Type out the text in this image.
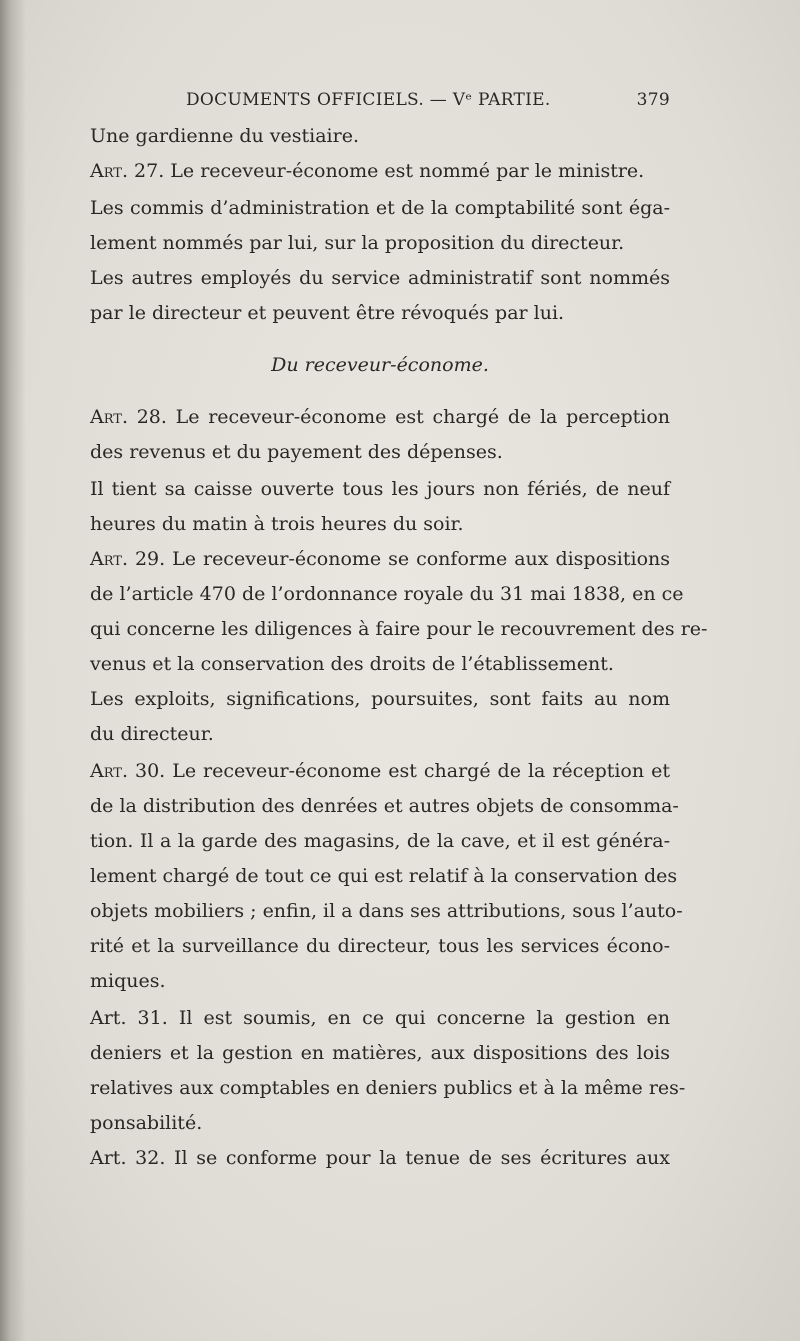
DOCUMENTS OFFICIELS. — Vᵉ PARTIE.	379
Une gardienne du vestiaire.
Art. 27. Le receveur-économe est nommé par le ministre.
Les commis d’administration et de la comptabilité sont éga-
lement nommés par lui, sur la proposition du directeur.
Les autres employés du service administratif sont nommés
par le directeur et peuvent être révoqués par lui.
Du receveur-économe.
Art. 28. Le receveur-économe est chargé de la perception
des revenus et du payement des dépenses.
Il tient sa caisse ouverte tous les jours non fériés, de neuf
heures du matin à trois heures du soir.
Art. 29. Le receveur-économe se conforme aux dispositions
de l’article 470 de l’ordonnance royale du 31 mai 1838, en ce
qui concerne les diligences à faire pour le recouvrement des re-
venus et la conservation des droits de l’établissement.
Les exploits, significations, poursuites, sont faits au nom
du directeur.
Art. 30. Le receveur-économe est chargé de la réception et
de la distribution des denrées et autres objets de consomma-
tion. Il a la garde des magasins, de la cave, et il est généra-
lement chargé de tout ce qui est relatif à la conservation des
objets mobiliers ; enfin, il a dans ses attributions, sous l’auto-
rité et la surveillance du directeur, tous les services écono-
miques.
Art. 31. Il est soumis, en ce qui concerne la gestion en
deniers et la gestion en matières, aux dispositions des lois
relatives aux comptables en deniers publics et à la même res-
ponsabilité.
Art. 32. Il se conforme pour la tenue de ses écritures aux
